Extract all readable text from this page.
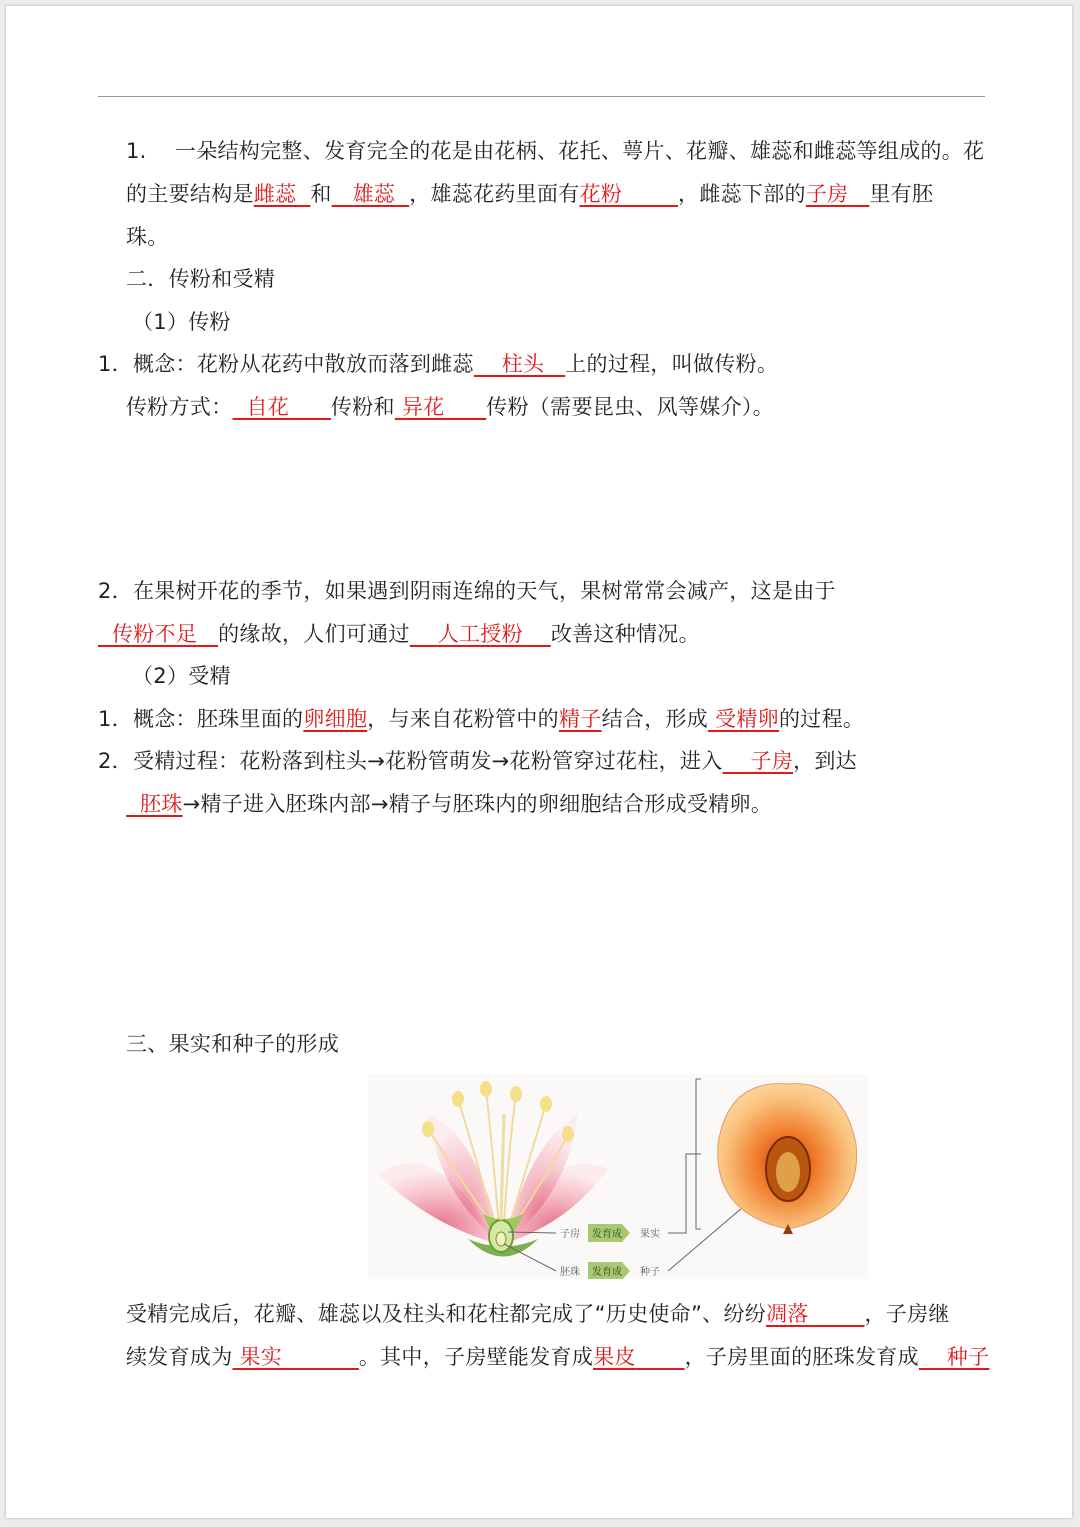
1.　 一朵结构完整、发育完全的花是由花柄、花托、萼片、花瓣、雄蕊和雌蕊等组成的。花
的主要结构是雌蕊 和 雄蕊 ，雄蕊花药里面有花粉	，雌蕊下部的子房 里有胚
珠。
二．传粉和受精
（1）传粉
1．概念：花粉从花药中散放而落到雌蕊 柱头 上的过程，叫做传粉。
传粉方式： 自花 传粉和 异花 传粉（需要昆虫、风等媒介）。
2．在果树开花的季节，如果遇到阴雨连绵的天气，果树常常会减产，这是由于
传粉不足 的缘故，人们可通过 人工授粉 改善这种情况。
（2）受精
1．概念：胚珠里面的卵细胞，与来自花粉管中的精子结合，形成 受精卵的过程。
2．受精过程：花粉落到柱头→花粉管萌发→花粉管穿过花柱，进入 子房，到达
胚珠→精子进入胚珠内部→精子与胚珠内的卵细胞结合形成受精卵。
三、果实和种子的形成
子房 发育成 果实
胚珠 发育成 种子
受精完成后，花瓣、雄蕊以及柱头和花柱都完成了“历史使命”、纷纷凋落	，子房继
续发育成为 果实	。其中，子房壁能发育成果皮 ，子房里面的胚珠发育成 种子
